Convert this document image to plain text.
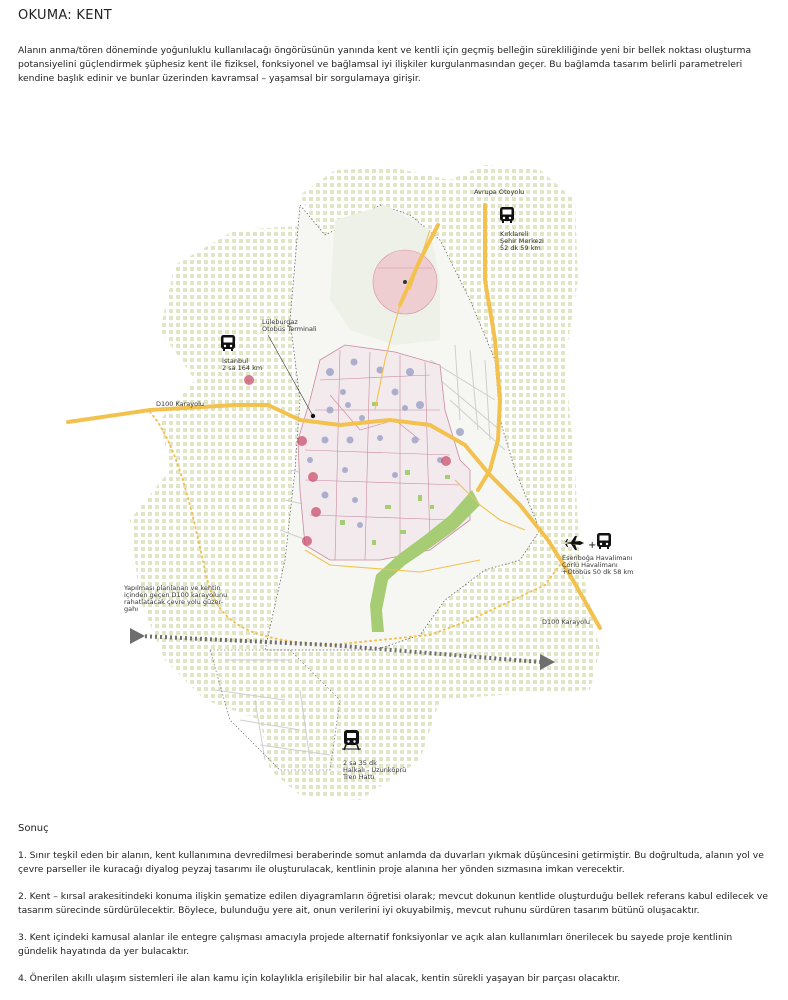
OKUMA: KENT
Alanın anma/tören döneminde yoğunluklu kullanılacağı öngörüsünün yanında kent ve kentli için geçmiş belleğin sürekliliğinde yeni bir bellek noktası oluşturma potansiyelini güçlendirmek şüphesiz kent ile fiziksel, fonksiyonel ve bağlamsal iyi ilişkiler kurgulanmasından geçer. Bu bağlamda tasarım belirli parametreleri kendine başlık edinir ve bunlar üzerinden kavramsal – yaşamsal bir sorgulamaya girişir.
+
Avrupa Otoyolu
Kırklareli
Şehir Merkezi
52 dk 59 km
Lüleburgaz
Otobüs Terminali
İstanbul
2 sa 164 km
D100 Karayolu
D100 Karayolu
Esenboğa Havalimanı
Çorlu Havalimanı
+Otobüs 50 dk 58 km
Yapılması planlanan ve kentin
içinden geçen D100 karayolunu
rahatlatacak çevre yolu güzer-
gahı
2 sa 35 dk
Halkalı - Uzunköprü
Tren Hattı
Sonuç

1. Sınır teşkil eden bir alanın, kent kullanımına devredilmesi beraberinde somut anlamda da duvarları yıkmak düşüncesini getirmiştir. Bu doğrultuda, alanın yol ve çevre parseller ile kuracağı diyalog peyzaj tasarımı ile oluşturulacak, kentlinin proje alanına her yönden sızmasına imkan verecektir.

2. Kent – kırsal arakesitindeki konuma ilişkin şematize edilen diyagramların öğretisi olarak; mevcut dokunun kentlide oluşturduğu bellek referans kabul edilecek ve tasarım sürecinde sürdürülecektir. Böylece, bulunduğu yere ait, onun verilerini iyi okuyabilmiş, mevcut ruhunu sürdüren tasarım bütünü oluşacaktır.

3. Kent içindeki kamusal alanlar ile entegre çalışması amacıyla projede alternatif fonksiyonlar ve açık alan kullanımları önerilecek bu sayede proje kentlinin gündelik hayatında da yer bulacaktır.

4. Önerilen akıllı ulaşım sistemleri ile alan kamu için kolaylıkla erişilebilir bir hal alacak, kentin sürekli yaşayan bir parçası olacaktır.
